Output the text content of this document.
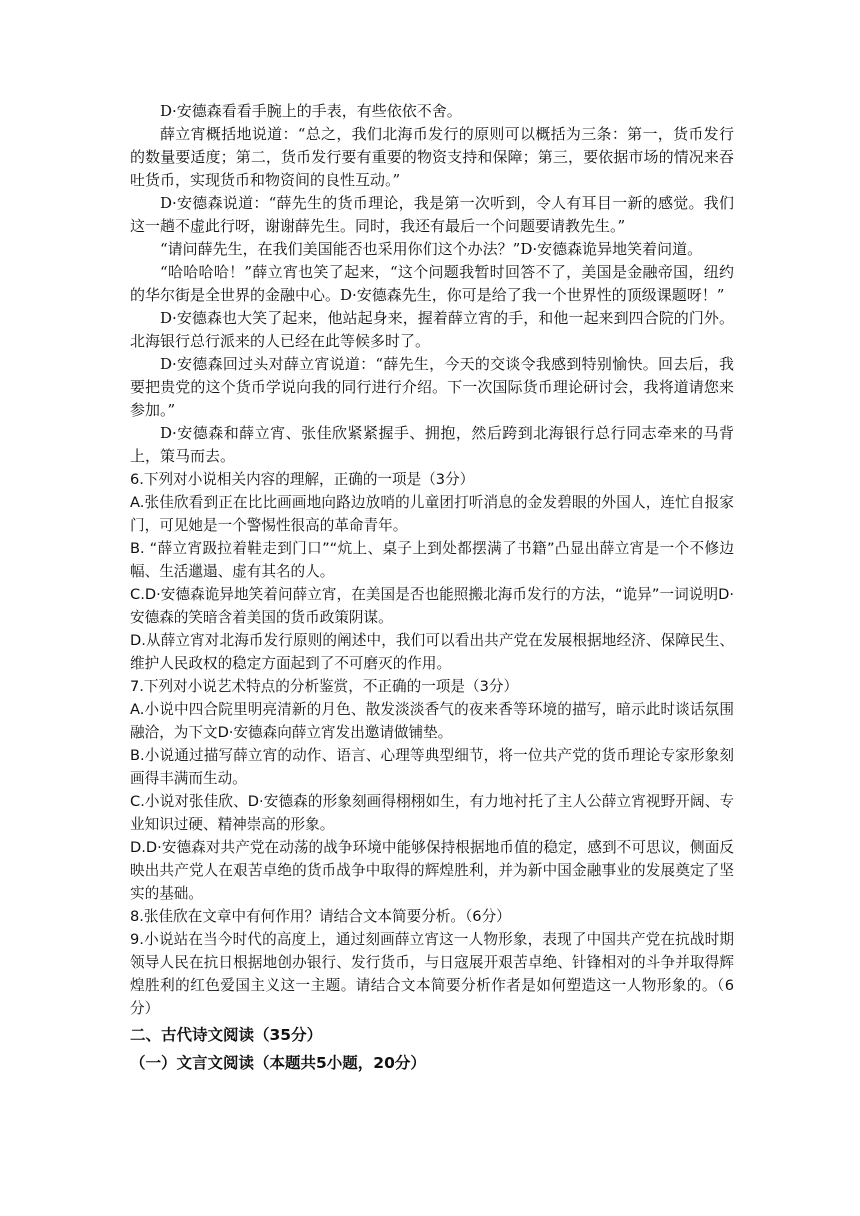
D·安德森看看手腕上的手表，有些依依不舍。

薛立宵概括地说道：“总之，我们北海币发行的原则可以概括为三条：第一，货币发行的数量要适度；第二，货币发行要有重要的物资支持和保障；第三，要依据市场的情况来吞吐货币，实现货币和物资间的良性互动。”

D·安德森说道：“薛先生的货币理论，我是第一次听到，令人有耳目一新的感觉。我们这一趟不虚此行呀，谢谢薛先生。同时，我还有最后一个问题要请教先生。”

“请问薛先生，在我们美国能否也采用你们这个办法？”D·安德森诡异地笑着问道。

“哈哈哈哈！”薛立宵也笑了起来，“这个问题我暂时回答不了，美国是金融帝国，纽约的华尔街是全世界的金融中心。D·安德森先生，你可是给了我一个世界性的顶级课题呀！”

D·安德森也大笑了起来，他站起身来，握着薛立宵的手，和他一起来到四合院的门外。北海银行总行派来的人已经在此等候多时了。

D·安德森回过头对薛立宵说道：“薛先生，今天的交谈令我感到特别愉快。回去后，我要把贵党的这个货币学说向我的同行进行介绍。下一次国际货币理论研讨会，我将道请您来参加。”

D·安德森和薛立宵、张佳欣紧紧握手、拥抱，然后跨到北海银行总行同志牵来的马背上，策马而去。

6.下列对小说相关内容的理解，正确的一项是（3分）

A.张佳欣看到正在比比画画地向路边放哨的儿童团打听消息的金发碧眼的外国人，连忙自报家门，可见她是一个警惕性很高的革命青年。

B. “薛立宵趿拉着鞋走到门口”“炕上、桌子上到处都摆满了书籍”凸显出薛立宵是一个不修边幅、生活邋遢、虚有其名的人。

C.D·安德森诡异地笑着问薛立宵，在美国是否也能照搬北海币发行的方法，“诡异”一词说明D·安德森的笑暗含着美国的货币政策阴谋。

D.从薛立宵对北海币发行原则的阐述中，我们可以看出共产党在发展根据地经济、保障民生、维护人民政权的稳定方面起到了不可磨灭的作用。

7.下列对小说艺术特点的分析鉴赏，不正确的一项是（3分）

A.小说中四合院里明亮清新的月色、散发淡淡香气的夜来香等环境的描写，暗示此时谈话氛围融洽，为下文D·安德森向薛立宵发出邀请做铺垫。

B.小说通过描写薛立宵的动作、语言、心理等典型细节，将一位共产党的货币理论专家形象刻画得丰满而生动。

C.小说对张佳欣、D·安德森的形象刻画得栩栩如生，有力地衬托了主人公薛立宵视野开阔、专业知识过硬、精神崇高的形象。

D.D·安德森对共产党在动荡的战争环境中能够保持根据地币值的稳定，感到不可思议，侧面反映出共产党人在艰苦卓绝的货币战争中取得的辉煌胜利，并为新中国金融事业的发展奠定了坚实的基础。

8.张佳欣在文章中有何作用？请结合文本简要分析。（6分）

9.小说站在当今时代的高度上，通过刻画薛立宵这一人物形象，表现了中国共产党在抗战时期领导人民在抗日根据地创办银行、发行货币，与日寇展开艰苦卓绝、针锋相对的斗争并取得辉煌胜利的红色爱国主义这一主题。请结合文本简要分析作者是如何塑造这一人物形象的。（6分）

二、古代诗文阅读（35分）

（一）文言文阅读（本题共5小题，20分）
